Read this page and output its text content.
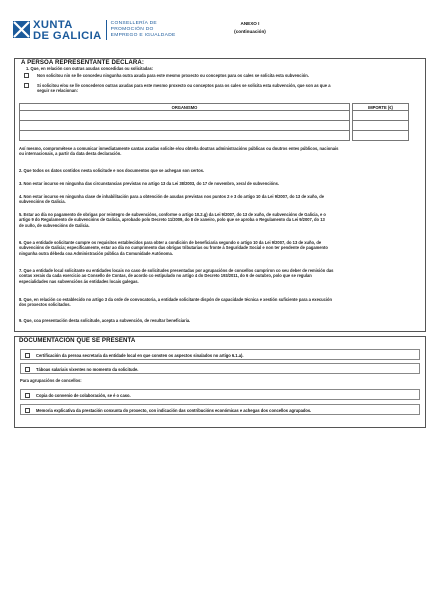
XUNTA
DE GALICIA
CONSELLERÍA DE
PROMOCIÓN DO
EMPREGO E IGUALDADE
ANEXO I
(continuación)
A PERSOA REPRESENTANTE DECLARA:
1. Que, en relación con outras axudas concedidas ou solicitadas:
Non solicitou nin se lle concedeu ningunha outra axuda para este mesmo proxecto ou conceptos para os cales se solicita esta subvención.
Si solicitou e/ou se lle concederon outras axudas para este mesmo proxecto ou conceptos para os cales se solicita esta subvención, que son as que a
seguir se relacionan:
ORGANISMO		IMPORTE (€)

Así mesmo, comprométese a comunicar inmediatamente cantas axudas solicite e/ou obteña doutras administracións públicas ou doutros entes públicos, nacionais
ou internacionais, a partir da data desta declaración.
2. Que todos os datos contidos nesta solicitude e nos documentos que se achegan son certos.
3. Non estar incurso en ningunha das circunstancias previstas no artigo 13 da Lei 38/2003, do 17 de novembro, xeral de subvencións.
4. Non estar incurso en ningunha clase de inhabilitación para a obtención de axudas previstas nos puntos 2 e 3 do artigo 10 da Lei 9/2007, do 13 de xuño, de
subvencións de Galicia.
5. Estar ao día no pagamento de obrigas por reintegro de subvencións, conforme o artigo 10.2.g) da Lei 9/2007, do 13 de xuño, de subvencións de Galicia, e o
artigo 9 do Regulamento de subvencións de Galicia, aprobado polo Decreto 11/2009, do 8 de xaneiro, polo que se aproba o Regulamento da Lei 9/2007, do 13
de xuño, de subvencións de Galicia.
6. Que a entidade solicitante cumpre os requisitos establecidos para obter a condición de beneficiaria segundo o artigo 10 da Lei 9/2007, do 13 de xuño, de
subvencións de Galicia; especificamente, estar ao día no cumprimento das obrigas tributarias ou fronte á Seguridade Social e non ter pendente de pagamento
ningunha outra débeda coa Administración pública da Comunidade Autónoma.
7. Que a entidade local solicitante ou entidades locais no caso de solicitudes presentadas por agrupacións de concellos cumpriron co seu deber de remisión das
contas xerais da cada exercicio ao Consello de Contas, de acordo co estipulado no artigo 4 do Decreto 193/2011, do 6 de outubro, polo que se regulan
especialidades nas subvencións ás entidades locais galegas.
8. Que, en relación co establecido no artigo 3 da orde de convocatoria, a entidade solicitante dispón de capacidade técnica e xestión suficiente para a execución
dos proxectos solicitados.
9. Que, coa presentación desta solicitude, acepta a subvención, de resultar beneficiaria.
DOCUMENTACIÓN QUE SE PRESENTA
Certificación da persoa secretaria da entidade local en que consten os aspectos sinalados no artigo 6.1.a).
Táboas salariais vixentes no momento da solicitude.
Para agrupacións de concellos:
Copia do convenio de colaboración, se é o caso.
Memoria explicativa da prestación conxunta do proxecto, con indicación das contribucións económicas e achegas dos concellos agrupados.
